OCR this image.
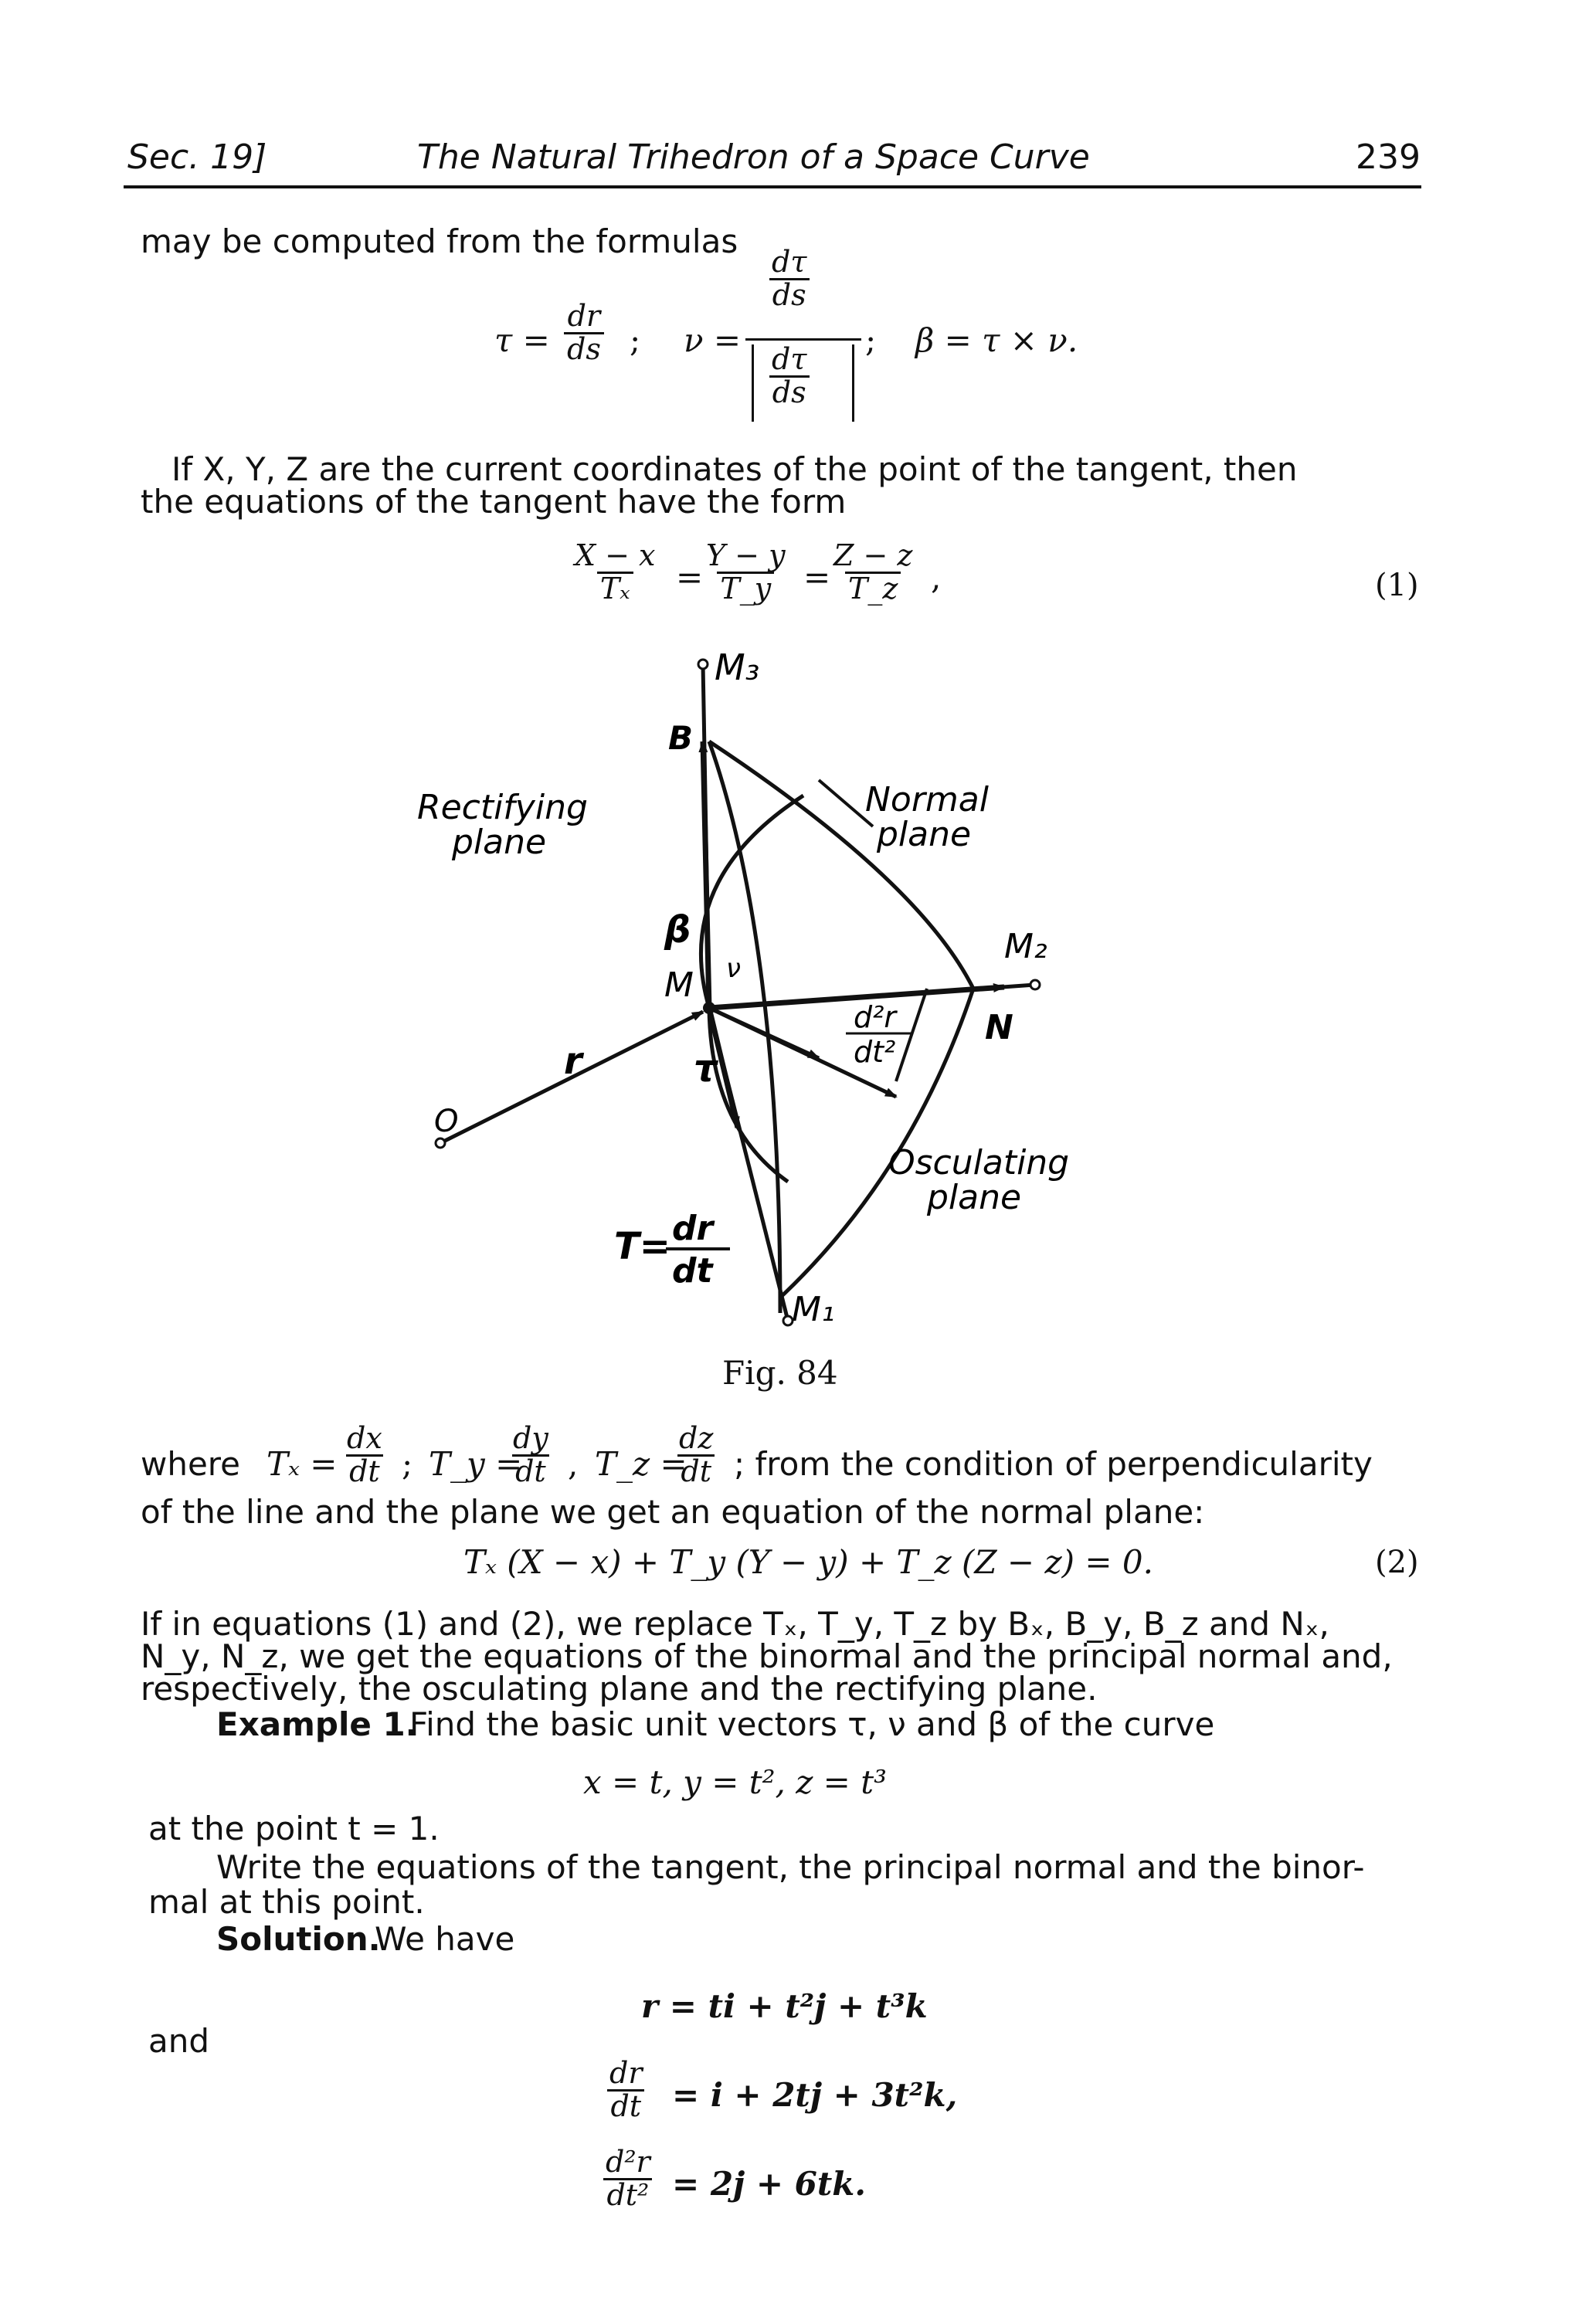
Sec. 19]	The Natural Trihedron of a Space Curve	239
may be computed from the formulas
$\tau = \frac{dr}{ds}$ ; ν =
$\frac{d\tau}{ds}$
$\frac{d\tau}{ds}$
; β = τ × ν.
If X, Y, Z are the current coordinates of the point of the tangent, then
the equations of the tangent have the form
$\frac{X - x}{\text{Tₓ}} = \frac{Y - y}{T\_y} = \frac{Z - z}{T\_z}$ ,	(1)
M₃
B
Rectifying
plane
Normal
plane
β
M ν
M₂
d²r
dt²
N
r
O
τ
Osculating
plane
T= dr
dt
M₁
Fig. 84
where $T_x = \frac{dx}{dt}$ ; T_y =
$\frac{dy}{dt}$ , T_z =
$\frac{dz}{dt}$ ; from the condition of perpendicularity
of the line and the plane we get an equation of the normal plane:
Tₓ (X − x) + T_y (Y − y) + T_z (Z − z) = 0.	(2)
If in equations (1) and (2), we replace Tₓ, T_y, T_z by Bₓ, B_y, B_z and Nₓ,
N_y, N_z, we get the equations of the binormal and the principal normal and,
respectively, the osculating plane and the rectifying plane.
Example 1.
Find the basic unit vectors τ, ν and β of the curve
x = t, y = t², z = t³
at the point t = 1.
Write the equations of the tangent, the principal normal and the binor-
mal at this point.
Solution.
We have
r = ti + t²j + t³k
and
$\frac{dr}{dt} = i + 2tj + 3t^2k$,
$\frac{\text{d²r}}{\text{dt²}} = 2j + 6tk$.
